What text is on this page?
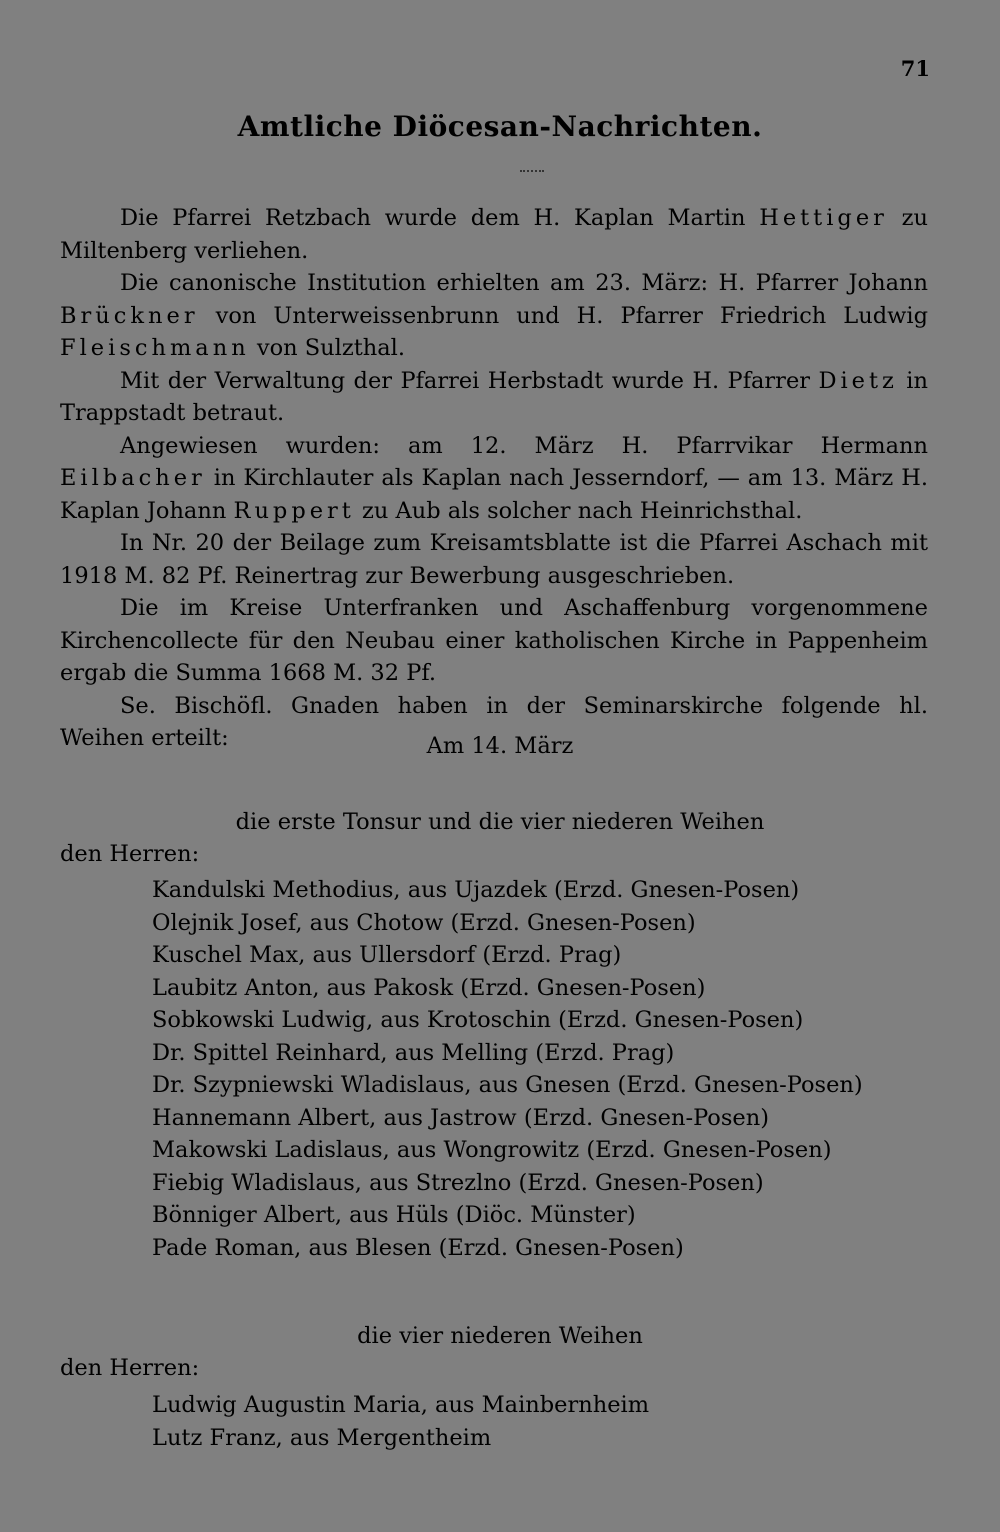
71
Amtliche Diöcesan-Nachrichten.

Die Pfarrei Retzbach wurde dem H. Kaplan Martin Hettiger zu Miltenberg verliehen.

Die canonische Institution erhielten am 23. März: H. Pfarrer Johann Brückner von Unterweissenbrunn und H. Pfarrer Friedrich Ludwig Fleischmann von Sulzthal.

Mit der Verwaltung der Pfarrei Herbstadt wurde H. Pfarrer Dietz in Trappstadt betraut.

Angewiesen wurden: am 12. März H. Pfarrvikar Hermann Eilbacher in Kirchlauter als Kaplan nach Jesserndorf, — am 13. März H. Kaplan Johann Ruppert zu Aub als solcher nach Heinrichsthal.

In Nr. 20 der Beilage zum Kreisamtsblatte ist die Pfarrei Aschach mit 1918 M. 82 Pf. Reinertrag zur Bewerbung ausgeschrieben.

Die im Kreise Unterfranken und Aschaffenburg vorgenommene Kirchencollecte für den Neubau einer katholischen Kirche in Pappenheim ergab die Summa 1668 M. 32 Pf.

Se. Bischöfl. Gnaden haben in der Seminarskirche folgende hl. Weihen erteilt:	Am 14. März
die erste Tonsur und die vier niederen Weihen
den Herren:
Kandulski Methodius, aus Ujazdek (Erzd. Gnesen-Posen)
Olejnik Josef, aus Chotow (Erzd. Gnesen-Posen)
Kuschel Max, aus Ullersdorf (Erzd. Prag)
Laubitz Anton, aus Pakosk (Erzd. Gnesen-Posen)
Sobkowski Ludwig, aus Krotoschin (Erzd. Gnesen-Posen)
Dr. Spittel Reinhard, aus Melling (Erzd. Prag)
Dr. Szypniewski Wladislaus, aus Gnesen (Erzd. Gnesen-Posen)
Hannemann Albert, aus Jastrow (Erzd. Gnesen-Posen)
Makowski Ladislaus, aus Wongrowitz (Erzd. Gnesen-Posen)
Fiebig Wladislaus, aus Strezlno (Erzd. Gnesen-Posen)
Bönniger Albert, aus Hüls (Diöc. Münster)
Pade Roman, aus Blesen (Erzd. Gnesen-Posen)
die vier niederen Weihen
den Herren:
Ludwig Augustin Maria, aus Mainbernheim
Lutz Franz, aus Mergentheim
